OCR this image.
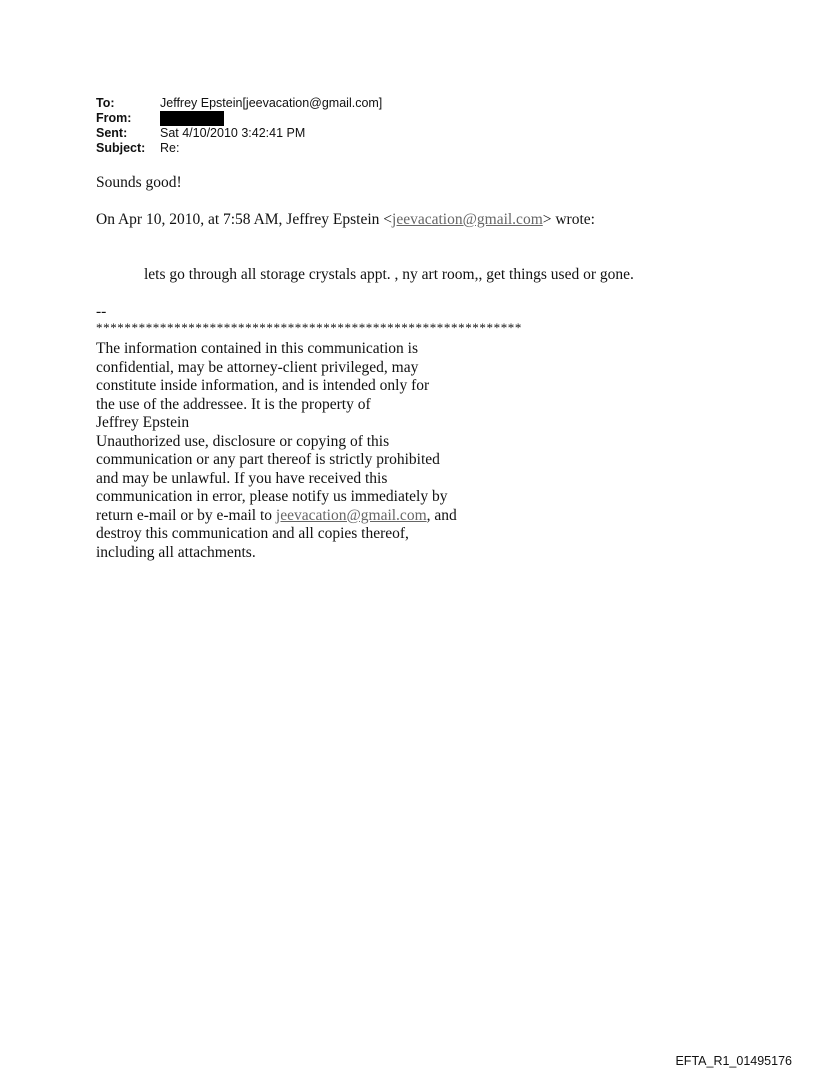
To:	Jeffrey Epstein[jeevacation@gmail.com]
From:
Sent:	Sat 4/10/2010 3:42:41 PM
Subject:	Re:
Sounds good!
On Apr 10, 2010, at 7:58 AM, Jeffrey Epstein <jeevacation@gmail.com> wrote:
lets go through all storage crystals appt. , ny art room,, get things used or gone.
--
************************************************************
The information contained in this communication is
confidential, may be attorney-client privileged, may
constitute inside information, and is intended only for
the use of the addressee. It is the property of
Jeffrey Epstein
Unauthorized use, disclosure or copying of this
communication or any part thereof is strictly prohibited
and may be unlawful. If you have received this
communication in error, please notify us immediately by
return e-mail or by e-mail to jeevacation@gmail.com, and
destroy this communication and all copies thereof,
including all attachments.
EFTA_R1_01495176
